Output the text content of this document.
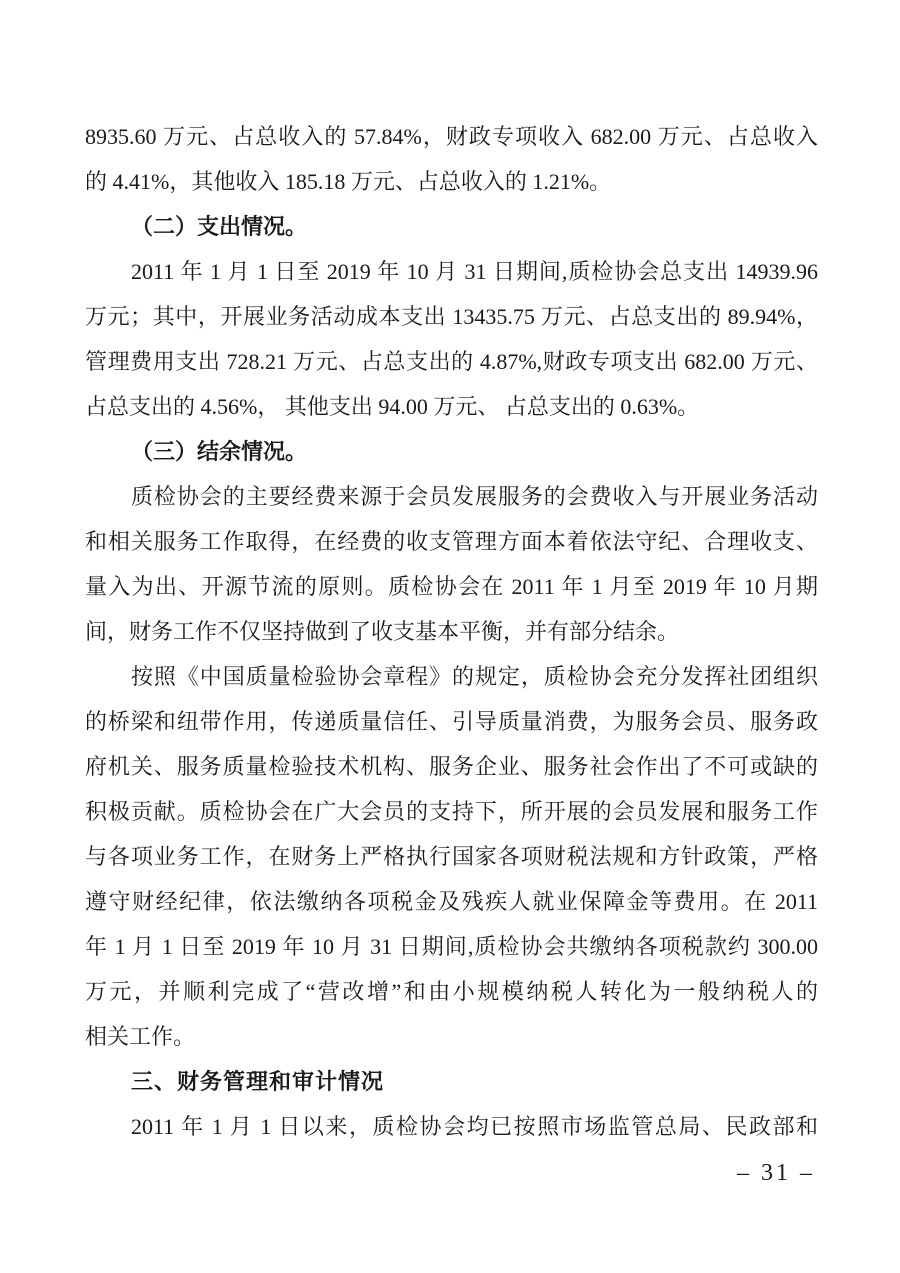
8935.60 万元、占总收入的 57.84%，财政专项收入 682.00 万元、占总收入
的 4.41%，其他收入 185.18 万元、占总收入的 1.21%。
（二）支出情况。
2011 年 1 月 1 日至 2019 年 10 月 31 日期间,质检协会总支出 14939.96
万元；其中，开展业务活动成本支出 13435.75 万元、占总支出的 89.94%，
管理费用支出 728.21 万元、占总支出的 4.87%,财政专项支出 682.00 万元、
占总支出的 4.56%， 其他支出 94.00 万元、 占总支出的 0.63%。
（三）结余情况。
质检协会的主要经费来源于会员发展服务的会费收入与开展业务活动
和相关服务工作取得，在经费的收支管理方面本着依法守纪、合理收支、
量入为出、开源节流的原则。质检协会在 2011 年 1 月至 2019 年 10 月期
间，财务工作不仅坚持做到了收支基本平衡，并有部分结余。
按照《中国质量检验协会章程》的规定，质检协会充分发挥社团组织
的桥梁和纽带作用，传递质量信任、引导质量消费，为服务会员、服务政
府机关、服务质量检验技术机构、服务企业、服务社会作出了不可或缺的
积极贡献。质检协会在广大会员的支持下，所开展的会员发展和服务工作
与各项业务工作，在财务上严格执行国家各项财税法规和方针政策，严格
遵守财经纪律，依法缴纳各项税金及残疾人就业保障金等费用。在 2011
年 1 月 1 日至 2019 年 10 月 31 日期间,质检协会共缴纳各项税款约 300.00
万元，并顺利完成了“营改增”和由小规模纳税人转化为一般纳税人的
相关工作。
三、财务管理和审计情况
2011 年 1 月 1 日以来，质检协会均已按照市场监管总局、民政部和
– 31 –
